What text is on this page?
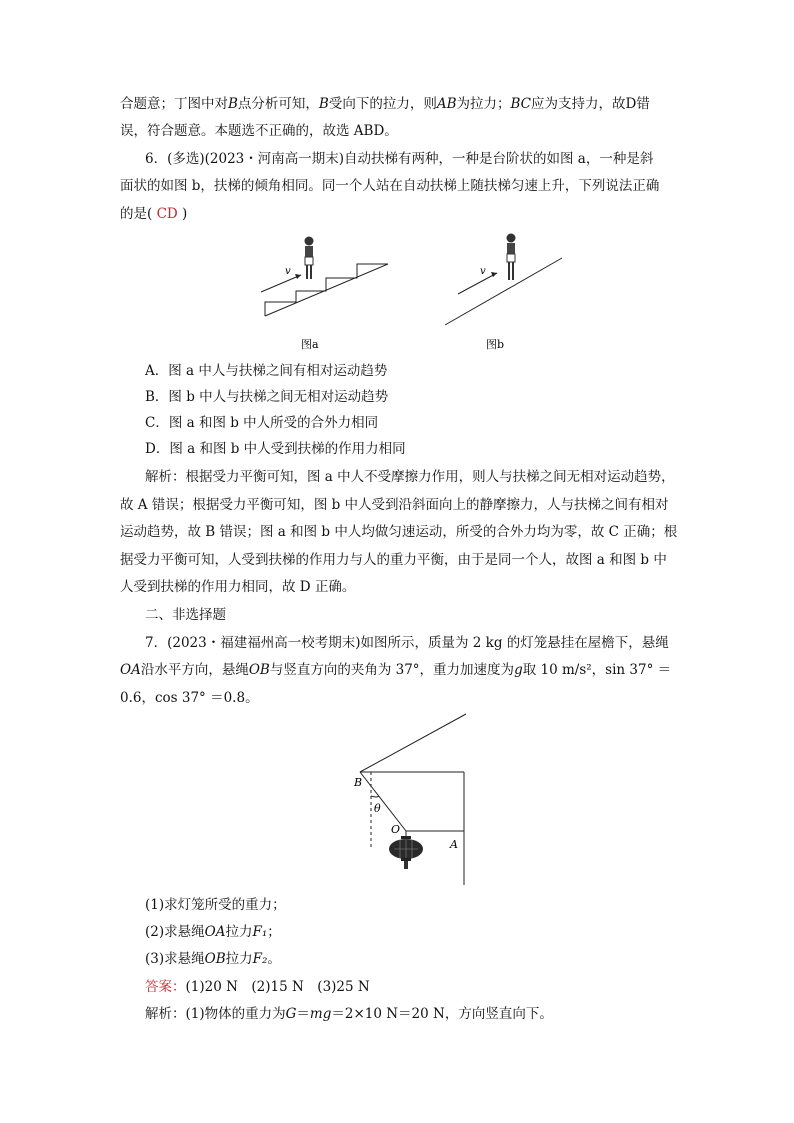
合题意；丁图中对B点分析可知，B受向下的拉力，则AB为拉力；BC应为支持力，故D错
误，符合题意。本题选不正确的，故选 ABD。
6．(多选)(2023・河南高一期末)自动扶梯有两种，一种是台阶状的如图 a，一种是斜
面状的如图 b，扶梯的倾角相同。同一个人站在自动扶梯上随扶梯匀速上升，下列说法正确
的是( CD )
v
图a
v
图b
A．图 a 中人与扶梯之间有相对运动趋势
B．图 b 中人与扶梯之间无相对运动趋势
C．图 a 和图 b 中人所受的合外力相同
D．图 a 和图 b 中人受到扶梯的作用力相同
解析：根据受力平衡可知，图 a 中人不受摩擦力作用，则人与扶梯之间无相对运动趋势，
故 A 错误；根据受力平衡可知，图 b 中人受到沿斜面向上的静摩擦力，人与扶梯之间有相对
运动趋势，故 B 错误；图 a 和图 b 中人均做匀速运动，所受的合外力均为零，故 C 正确；根
据受力平衡可知，人受到扶梯的作用力与人的重力平衡，由于是同一个人，故图 a 和图 b 中
人受到扶梯的作用力相同，故 D 正确。
二、非选择题
7．(2023・福建福州高一校考期末)如图所示，质量为 2 kg 的灯笼悬挂在屋檐下，悬绳
OA沿水平方向，悬绳OB与竖直方向的夹角为 37°，重力加速度为g取 10 m/s²，sin 37° ＝
0.6，cos 37° ＝0.8。
θ
B
O
A
(1)求灯笼所受的重力；
(2)求悬绳OA拉力F₁；
(3)求悬绳OB拉力F₂。
答案：(1)20 N　(2)15 N　(3)25 N
解析：(1)物体的重力为G＝mg＝2×10 N＝20 N，方向竖直向下。
